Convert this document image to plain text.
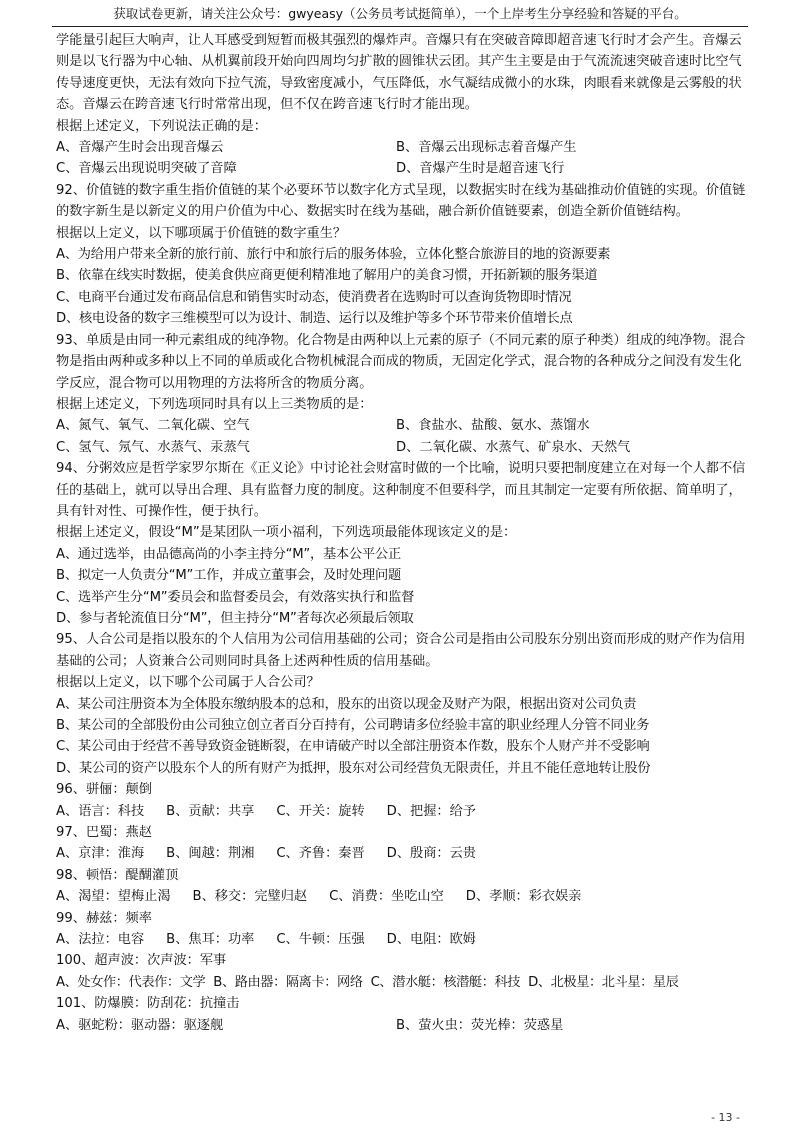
获取试卷更新，请关注公众号：gwyeasy（公务员考试挺简单），一个上岸考生分享经验和答疑的平台。

学能量引起巨大响声，让人耳感受到短暂而极其强烈的爆炸声。音爆只有在突破音障即超音速飞行时才会产生。音爆云则是以飞行器为中心轴、从机翼前段开始向四周均匀扩散的圆锥状云团。其产生主要是由于气流流速突破音速时比空气传导速度更快，无法有效向下拉气流，导致密度减小，气压降低，水气凝结成微小的水珠，肉眼看来就像是云雾般的状态。音爆云在跨音速飞行时常常出现，但不仅在跨音速飞行时才能出现。

根据上述定义，下列说法正确的是：

A、音爆产生时会出现音爆云	B、音爆云出现标志着音爆产生
C、音爆云出现说明突破了音障	D、音爆产生时是超音速飞行

92、价值链的数字重生指价值链的某个必要环节以数字化方式呈现，以数据实时在线为基础推动价值链的实现。价值链的数字新生是以新定义的用户价值为中心、数据实时在线为基础，融合新价值链要素，创造全新价值链结构。

根据以上定义，以下哪项属于价值链的数字重生？

A、为给用户带来全新的旅行前、旅行中和旅行后的服务体验，立体化整合旅游目的地的资源要素

B、依靠在线实时数据，使美食供应商更便利精准地了解用户的美食习惯，开拓新颖的服务渠道

C、电商平台通过发布商品信息和销售实时动态，使消费者在选购时可以查询货物即时情况

D、核电设备的数字三维模型可以为设计、制造、运行以及维护等多个环节带来价值增长点

93、单质是由同一种元素组成的纯净物。化合物是由两种以上元素的原子（不同元素的原子种类）组成的纯净物。混合物是指由两种或多种以上不同的单质或化合物机械混合而成的物质，无固定化学式，混合物的各种成分之间没有发生化学反应，混合物可以用物理的方法将所含的物质分离。

根据上述定义，下列选项同时具有以上三类物质的是：

A、氮气、氧气、二氧化碳、空气	B、食盐水、盐酸、氨水、蒸馏水
C、氢气、氖气、水蒸气、汞蒸气	D、二氧化碳、水蒸气、矿泉水、天然气

94、分粥效应是哲学家罗尔斯在《正义论》中讨论社会财富时做的一个比喻，说明只要把制度建立在对每一个人都不信任的基础上，就可以导出合理、具有监督力度的制度。这种制度不但要科学，而且其制定一定要有所依据、简单明了，具有针对性、可操作性，便于执行。

根据上述定义，假设“M”是某团队一项小福利，下列选项最能体现该定义的是：

A、通过选举，由品德高尚的小李主持分“M”，基本公平公正

B、拟定一人负责分“M”工作，并成立董事会，及时处理问题

C、选举产生分“M”委员会和监督委员会，有效落实执行和监督

D、参与者轮流值日分“M”，但主持分“M”者每次必须最后领取

95、人合公司是指以股东的个人信用为公司信用基础的公司；资合公司是指由公司股东分别出资而形成的财产作为信用基础的公司；人资兼合公司则同时具备上述两种性质的信用基础。

根据以上定义，以下哪个公司属于人合公司？

A、某公司注册资本为全体股东缴纳股本的总和，股东的出资以现金及财产为限，根据出资对公司负责

B、某公司的全部股份由公司独立创立者百分百持有，公司聘请多位经验丰富的职业经理人分管不同业务

C、某公司由于经营不善导致资金链断裂，在申请破产时以全部注册资本作数，股东个人财产并不受影响

D、某公司的资产以股东个人的所有财产为抵押，股东对公司经营负无限责任，并且不能任意地转让股份

96、骈俪：颠倒

A、语言：科技 B、贡献：共享 C、开关：旋转 D、把握：给予

97、巴蜀：燕赵

A、京津：淮海 B、闽越：荆湘 C、齐鲁：秦晋 D、殷商：云贵

98、顿悟：醍醐灌顶

A、渴望：望梅止渴 B、移交：完璧归赵 C、消费：坐吃山空 D、孝顺：彩衣娱亲

99、赫兹：频率

A、法拉：电容 B、焦耳：功率 C、牛顿：压强 D、电阻：欧姆

100、超声波：次声波：军事

A、处女作：代表作：文学 B、路由器：隔离卡：网络 C、潜水艇：核潜艇：科技 D、北极星：北斗星：星辰

101、防爆膜：防刮花：抗撞击

A、驱蛇粉：驱动器：驱逐舰	B、萤火虫：荧光棒：荧惑星
- 13 -
